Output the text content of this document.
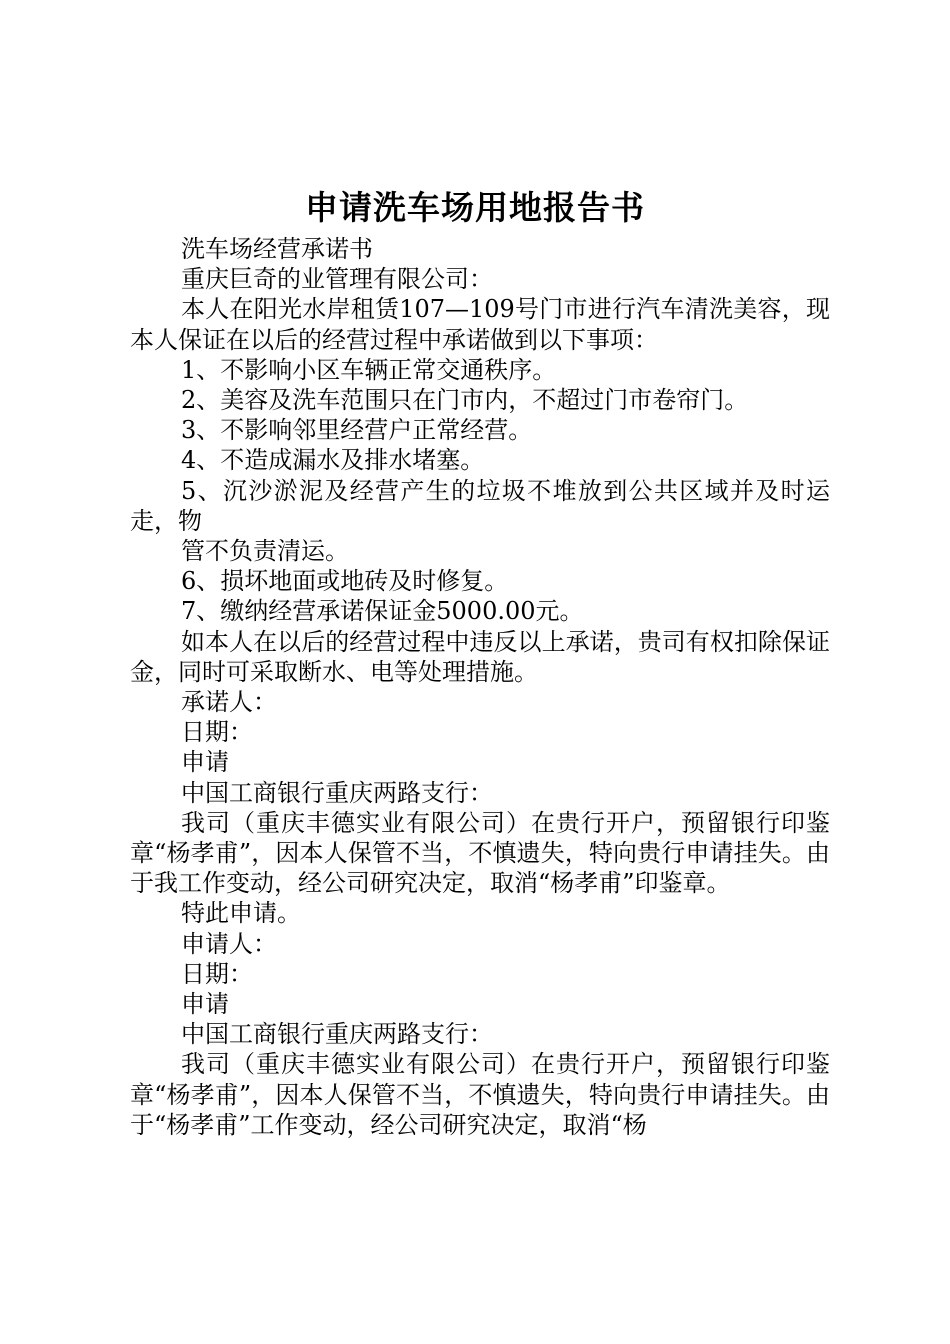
申请洗车场用地报告书

洗车场经营承诺书

重庆巨奇的业管理有限公司：

本人在阳光水岸租赁107—109号门市进行汽车清洗美容，现本人保证在以后的经营过程中承诺做到以下事项：

1、不影响小区车辆正常交通秩序。

2、美容及洗车范围只在门市内，不超过门市卷帘门。

3、不影响邻里经营户正常经营。

4、不造成漏水及排水堵塞。

5、沉沙淤泥及经营产生的垃圾不堆放到公共区域并及时运走，物

管不负责清运。

6、损坏地面或地砖及时修复。

7、缴纳经营承诺保证金5000.00元。

如本人在以后的经营过程中违反以上承诺，贵司有权扣除保证金，同时可采取断水、电等处理措施。

承诺人：

日期：

申请

中国工商银行重庆两路支行：

我司（重庆丰德实业有限公司）在贵行开户，预留银行印鉴章“杨孝甫”，因本人保管不当，不慎遗失，特向贵行申请挂失。由于我工作变动，经公司研究决定，取消“杨孝甫”印鉴章。

特此申请。

申请人：

日期：

申请

中国工商银行重庆两路支行：

我司（重庆丰德实业有限公司）在贵行开户，预留银行印鉴章“杨孝甫”，因本人保管不当，不慎遗失，特向贵行申请挂失。由于“杨孝甫”工作变动，经公司研究决定，取消“杨
